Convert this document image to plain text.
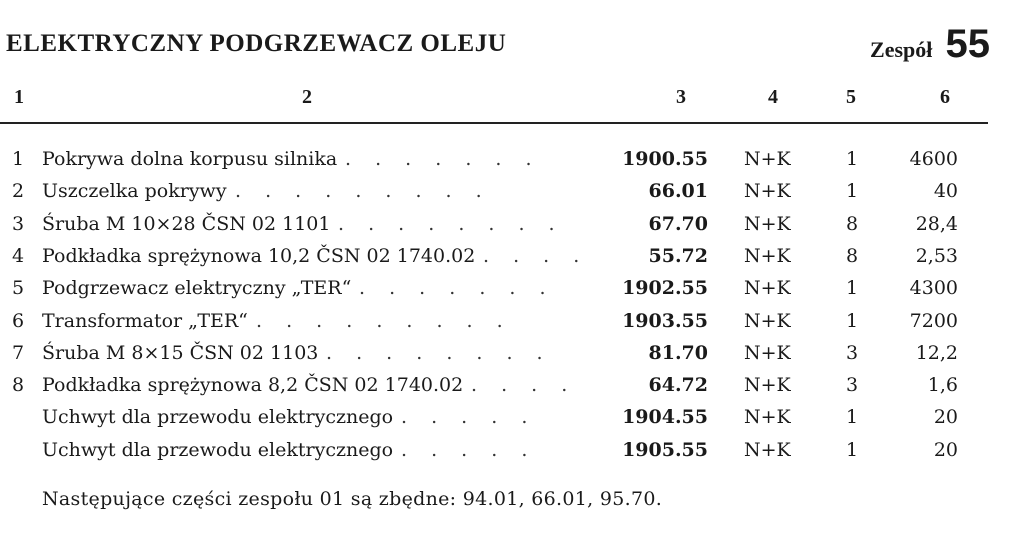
ELEKTRYCZNY PODGRZEWACZ OLEJU	Zespół 55
1	2	3	4	5	6
1 Pokrywa dolna korpusu silnika . . . . . . .	1900.55 N+K	1	4600
2 Uszczelka pokrywy . . . . . . . . .	66.01 N+K	1	40
3 Śruba M 10×28 ČSN 02 1101 . . . . . . . .	67.70 N+K	8	28,4
4 Podkładka sprężynowa 10,2 ČSN 02 1740.02 . . . .	55.72 N+K	8	2,53
5 Podgrzewacz elektryczny „TER“ . . . . . . .	1902.55 N+K	1	4300
6 Transformator „TER“ . . . . . . . . .	1903.55 N+K	1	7200
7 Śruba M 8×15 ČSN 02 1103 . . . . . . . .	81.70 N+K	3	12,2
8 Podkładka sprężynowa 8,2 ČSN 02 1740.02 . . . .	64.72 N+K	3	1,6
Uchwyt dla przewodu elektrycznego . . . . .	1904.55 N+K	1	20
Uchwyt dla przewodu elektrycznego . . . . .	1905.55 N+K	1	20
Następujące części zespołu 01 są zbędne: 94.01, 66.01, 95.70.
